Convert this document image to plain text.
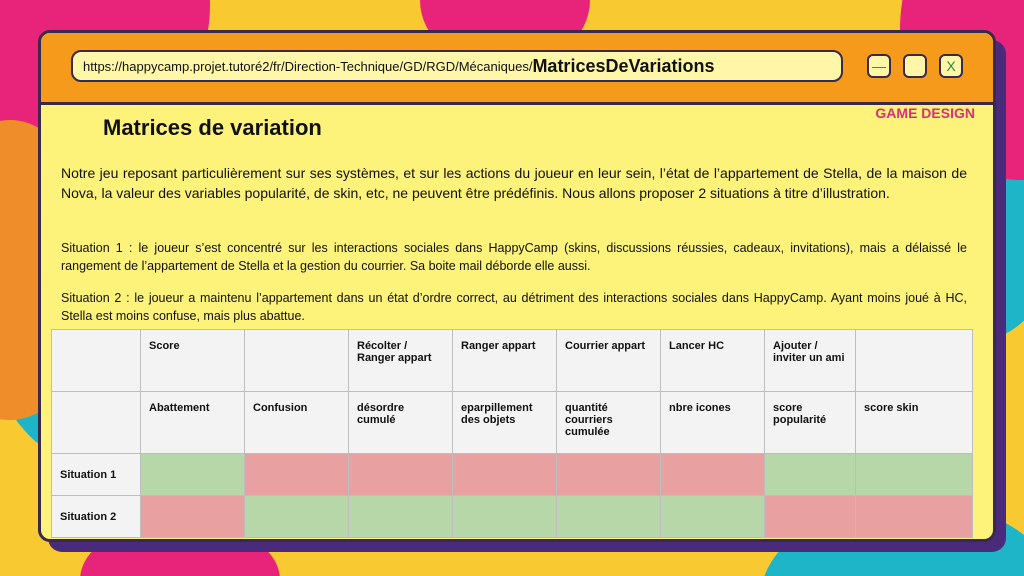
https://happycamp.projet.tutoré2/fr/Direction-Technique/GD/RGD/Mécaniques/ MatricesDeVariations	—	X
GAME DESIGN
Matrices de variation
Notre jeu reposant particulièrement sur ses systèmes, et sur les actions du joueur en leur sein, l’état de l’appartement de Stella, de la maison de Nova, la valeur des variables popularité, de skin, etc, ne peuvent être prédéfinis. Nous allons proposer 2 situations à titre d’illustration.
Situation 1 : le joueur s’est concentré sur les interactions sociales dans HappyCamp (skins, discussions réussies, cadeaux, invitations), mais a délaissé le rangement de l’appartement de Stella et la gestion du courrier. Sa boite mail déborde elle aussi.
Situation 2 : le joueur a maintenu l’appartement dans un état d’ordre correct, au détriment des interactions sociales dans HappyCamp. Ayant moins joué à HC, Stella est moins confuse, mais plus abattue.
	Score		Récolter / Ranger appart	Ranger appart	Courrier appart	Lancer HC	Ajouter / inviter un ami	
	Abattement	Confusion	désordre cumulé	eparpillement des objets	quantité courriers cumulée	nbre icones	score popularité	score skin
Situation 1								
Situation 2								
